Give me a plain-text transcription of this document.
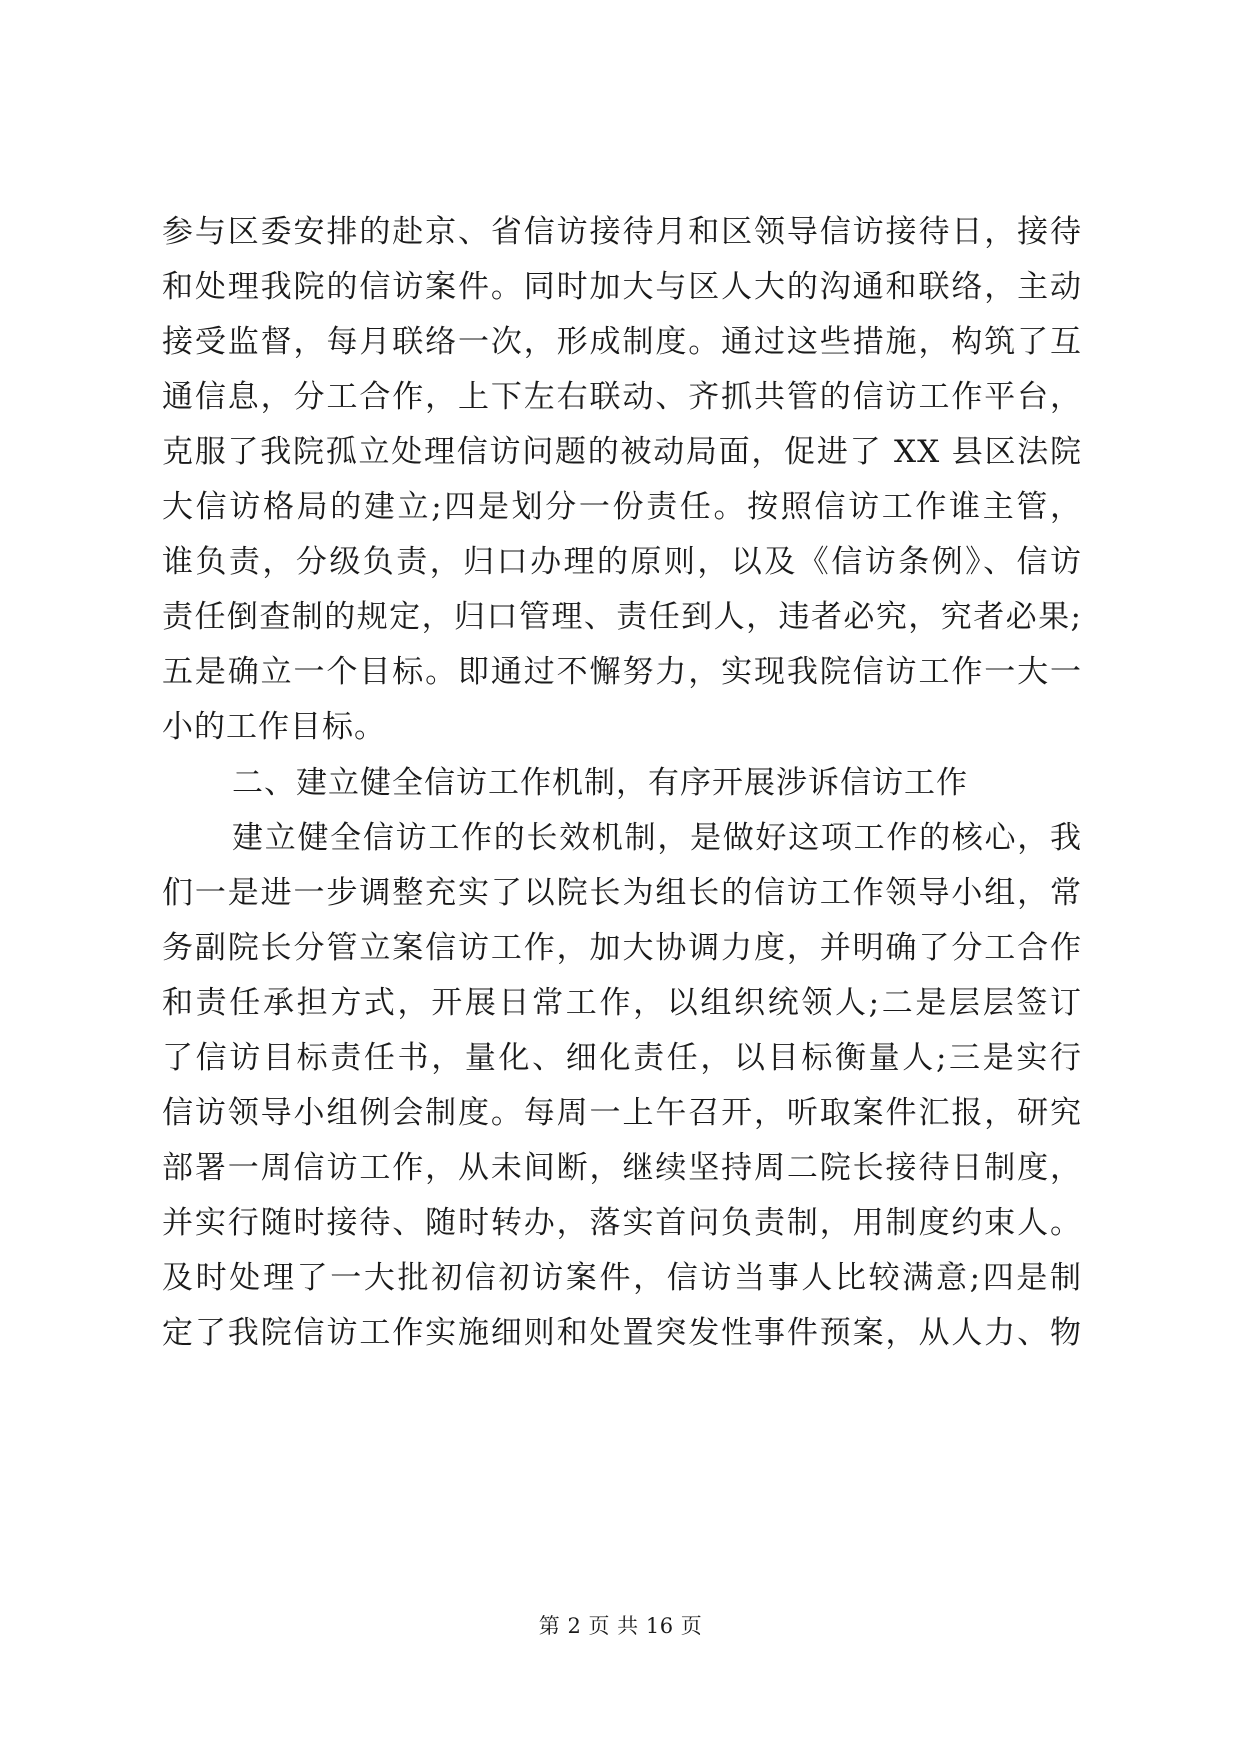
参与区委安排的赴京、省信访接待月和区领导信访接待日，接待
和处理我院的信访案件。同时加大与区人大的沟通和联络，主动
接受监督，每月联络一次，形成制度。通过这些措施，构筑了互
通信息，分工合作，上下左右联动、齐抓共管的信访工作平台，
克服了我院孤立处理信访问题的被动局面，促进了 XX 县区法院
大信访格局的建立;四是划分一份责任。按照信访工作谁主管，
谁负责，分级负责，归口办理的原则，以及《信访条例》、信访
责任倒查制的规定，归口管理、责任到人，违者必究，究者必果;
五是确立一个目标。即通过不懈努力，实现我院信访工作一大一
小的工作目标。
二、建立健全信访工作机制，有序开展涉诉信访工作
建立健全信访工作的长效机制，是做好这项工作的核心，我
们一是进一步调整充实了以院长为组长的信访工作领导小组，常
务副院长分管立案信访工作，加大协调力度，并明确了分工合作
和责任承担方式，开展日常工作，以组织统领人;二是层层签订
了信访目标责任书，量化、细化责任，以目标衡量人;三是实行
信访领导小组例会制度。每周一上午召开，听取案件汇报，研究
部署一周信访工作，从未间断，继续坚持周二院长接待日制度，
并实行随时接待、随时转办，落实首问负责制，用制度约束人。
及时处理了一大批初信初访案件，信访当事人比较满意;四是制
定了我院信访工作实施细则和处置突发性事件预案，从人力、物
第 2 页 共 16 页
